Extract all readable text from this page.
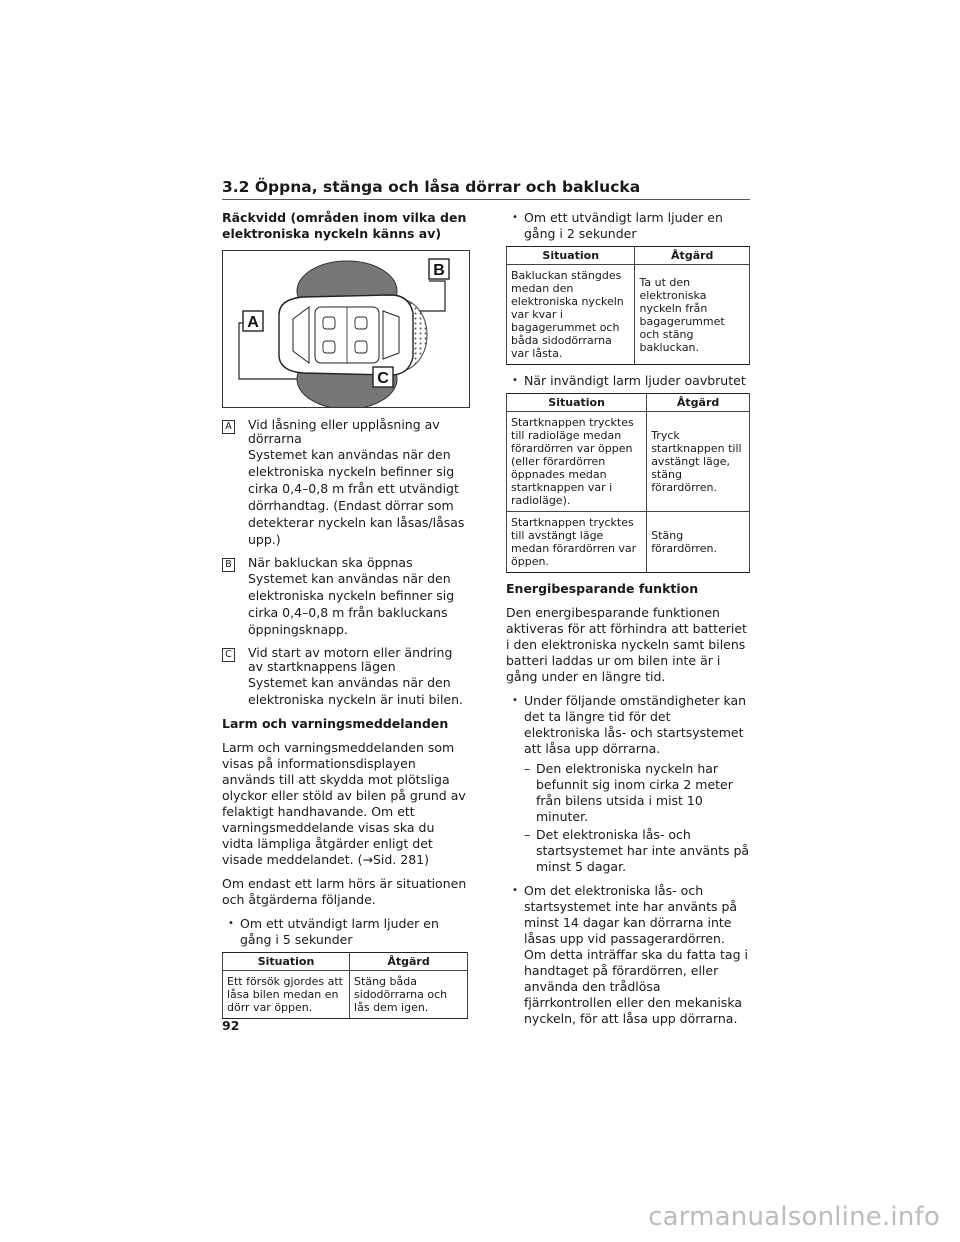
3.2 Öppna, stänga och låsa dörrar och baklucka
Räckvidd (områden inom vilka den elektroniska nyckeln känns av)
A
B
C
A Vid låsning eller upplåsning av dörrarna
Systemet kan användas när den elektroniska nyckeln befinner sig cirka 0,4–0,8 m från ett utvändigt dörrhandtag. (Endast dörrar som detekterar nyckeln kan låsas/låsas upp.)
B När bakluckan ska öppnas
Systemet kan användas när den elektroniska nyckeln befinner sig cirka 0,4–0,8 m från bakluckans öppningsknapp.
C Vid start av motorn eller ändring av startknappens lägen
Systemet kan användas när den elektroniska nyckeln är inuti bilen.
Larm och varningsmeddelanden
Larm och varningsmeddelanden som visas på informationsdisplayen används till att skydda mot plötsliga olyckor eller stöld av bilen på grund av felaktigt handhavande. Om ett varningsmeddelande visas ska du vidta lämpliga åtgärder enligt det visade meddelandet. (→Sid. 281)
Om endast ett larm hörs är situationen och åtgärderna följande.
• Om ett utvändigt larm ljuder en gång i 5 sekunder
Situation	Åtgärd
Ett försök gjordes att låsa bilen medan en dörr var öppen.	Stäng båda sidodörrarna och lås dem igen.
• Om ett utvändigt larm ljuder en gång i 2 sekunder
Situation	Åtgärd
Bakluckan stängdes medan den elektroniska nyckeln var kvar i bagagerummet och båda sidodörrarna var låsta.	Ta ut den elektroniska nyckeln från bagagerummet och stäng bakluckan.
• När invändigt larm ljuder oavbrutet
Situation	Åtgärd
Startknappen trycktes till radioläge medan förardörren var öppen (eller förardörren öppnades medan startknappen var i radioläge).	Tryck startknappen till avstängt läge, stäng förardörren.
Startknappen trycktes till avstängt läge medan förardörren var öppen.	Stäng förardörren.
Energibesparande funktion
Den energibesparande funktionen aktiveras för att förhindra att batteriet i den elektroniska nyckeln samt bilens batteri laddas ur om bilen inte är i gång under en längre tid.
• Under följande omständigheter kan det ta längre tid för det elektroniska lås- och startsystemet att låsa upp dörrarna.
– Den elektroniska nyckeln har befunnit sig inom cirka 2 meter från bilens utsida i mist 10 minuter.
– Det elektroniska lås- och startsystemet har inte använts på minst 5 dagar.
• Om det elektroniska lås- och startsystemet inte har använts på minst 14 dagar kan dörrarna inte låsas upp vid passagerardörren. Om detta inträffar ska du fatta tag i handtaget på förardörren, eller använda den trådlösa fjärrkontrollen eller den mekaniska nyckeln, för att låsa upp dörrarna.
92
carmanualsonline.info
